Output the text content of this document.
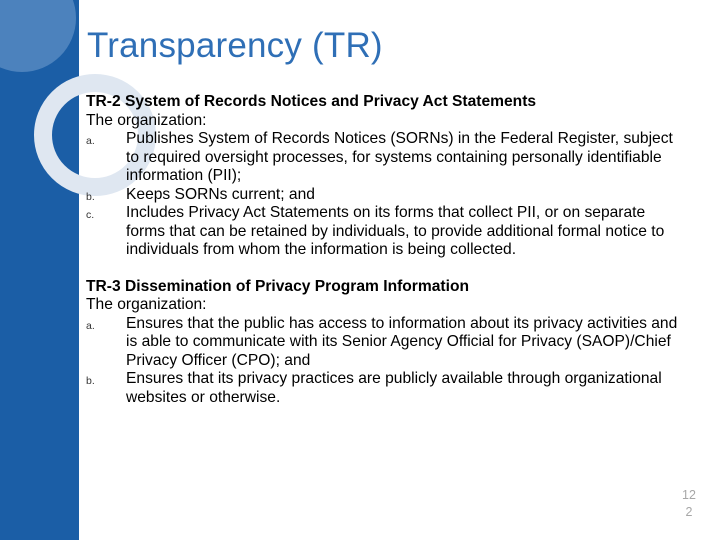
Transparency (TR)
TR-2 System of Records Notices and Privacy Act Statements
The organization:
a. Publishes System of Records Notices (SORNs) in the Federal Register, subject to required oversight processes, for systems containing personally identifiable information (PII);
b. Keeps SORNs current; and
c. Includes Privacy Act Statements on its forms that collect PII, or on separate forms that can be retained by individuals, to provide additional formal notice to individuals from whom the information is being collected.
TR-3 Dissemination of Privacy Program Information
The organization:
a. Ensures that the public has access to information about its privacy activities and is able to communicate with its Senior Agency Official for Privacy (SAOP)/Chief Privacy Officer (CPO); and
b. Ensures that its privacy practices are publicly available through organizational websites or otherwise.
12
2
